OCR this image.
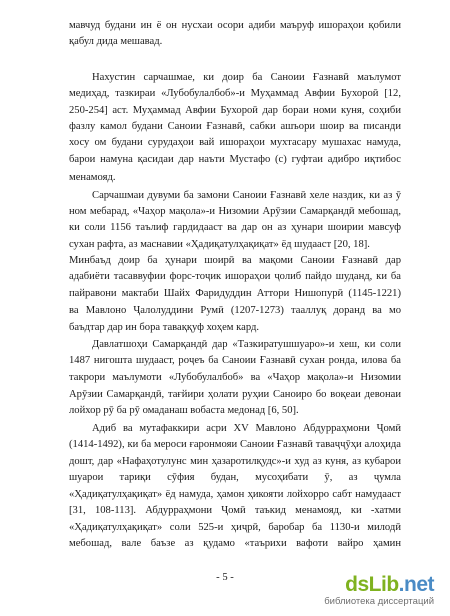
мавчуд будани ин ё он нусхаи осори адиби маъруф ишораҳои қобили
қабул дида мешавад.
Нахустин сарчашмае, ки доир ба Саноии Ғазнавӣ маълумот
медиҳад, тазкираи «Лубобулалбоб»-и Муҳаммад Авфии Бухороӣ [12,
250-254] аст. Муҳаммад Авфии Бухороӣ дар бораи номи куня, соҳиби
фазлу камол будани Саноии Ғазнавӣ, сабки ашъори шоир ва писанди
хосу ом будани сурудаҳои вай ишораҳои мухтасару мушахас намуда,
барои намуна қасидаи дар наъти Мустафо (с) гуфтаи адибро иқтибос
менамояд.
Сарчашмаи дувуми ба замони Саноии Ғазнавӣ хеле наздик, ки аз ӯ
ном мебарад, «Чаҳор мақола»-и Низомии Арӯзии Самарқандӣ мебошад,
ки соли 1156 таълиф гардидааст ва дар он аз ҳунари шоирии мавсуф
сухан рафта, аз маснавии «Ҳадиқатулҳақиқат» ёд шудааст [20, 18].
Минбаъд доир ба ҳунари шоирӣ ва мақоми Саноии Ғазнавӣ дар
адабиёти тасаввуфии форс-тоҷик ишораҳои ҷолиб пайдо шуданд, ки ба
пайравони мактаби Шайх Фаридуддин Аттори Нишопурӣ (1145-1221)
ва Мавлоно Ҷалолуддини Румӣ (1207-1273) тааллуқ доранд ва мо
баъдтар дар ин бора таваққуф хоҳем кард.
Давлатшоҳи Самарқандӣ дар «Тазкиратушшуаро»-и хеш, ки соли
1487 нигошта шудааст, роҷеъ ба Саноии Ғазнавӣ сухан ронда, илова ба
такрори маълумоти «Лубобулалбоб» ва «Чаҳор мақола»-и Низомии
Арӯзии Самарқандӣ, тағйири ҳолати руҳии Саноиро бо воқеаи девонаи
лойхор рӯ ба рӯ омаданаш вобаста медонад [6, 50].
Адиб ва мутафаккири асри XV Мавлоно Абдурраҳмони Ҷомӣ
(1414-1492), ки ба мероси ғаронмояи Саноии Ғазнавӣ таваҷҷӯҳи алоҳида
дошт, дар «Нафаҳотулунс мин ҳазаротилқудс»-и худ аз куня, аз кубарои
шуарои тариқи сӯфия будан, мусоҳибати ӯ, аз ҷумла
«Ҳадиқатулҳақиқат» ёд намуда, ҳамон ҳикояти лойхорро сабт намудааст
[31, 108-113]. Абдурраҳмони Ҷомӣ таъкид менамояд, ки -хатми
«Ҳадиқатулҳақиқат» соли 525-и ҳиҷрӣ, баробар ба 1130-и милодӣ
мебошад, вале баъзе аз қудамо «таърихи вафоти вайро ҳамин
- 5 -	dsLib.net
библиотека диссертаций
